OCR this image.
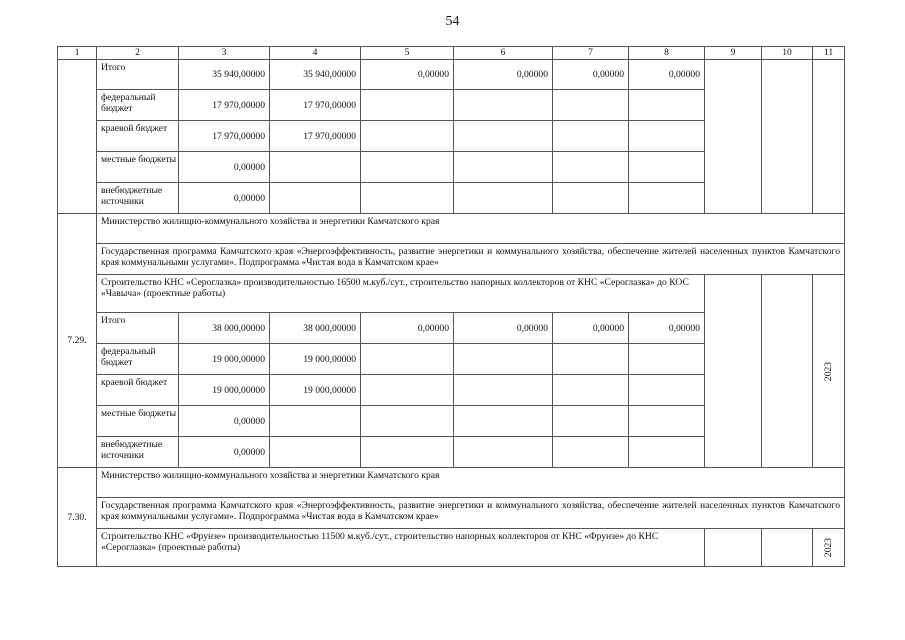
54
1	2	3	4	5	6	7	8	9	10	11
	Итого	35 940,00000	35 940,00000	0,00000	0,00000	0,00000	0,00000			
	федеральный бюджет	17 970,00000	17 970,00000							
	краевой бюджет	17 970,00000	17 970,00000							
	местные бюджеты	0,00000								
	внебюджетные источники	0,00000								
7.29.	Министерство жилищно-коммунального хозяйства и энергетики Камчатского края									
	Государственная программа Камчатского края «Энергоэффективность, развитие энергетики и коммунального хозяйства, обеспечение жителей населенных пунктов Камчатского края коммунальными услугами». Подпрограмма «Чистая вода в Камчатском крае»									
	Строительство КНС «Сероглазка» производительностью 16500 м.куб./сут., строительство напорных коллекторов от КНС «Сероглазка» до КОС «Чавыча» (проектные работы)									2023
	Итого	38 000,00000	38 000,00000	0,00000	0,00000	0,00000	0,00000			
	федеральный бюджет	19 000,00000	19 000,00000							
	краевой бюджет	19 000,00000	19 000,00000							
	местные бюджеты	0,00000								
	внебюджетные источники	0,00000								
7.30.	Министерство жилищно-коммунального хозяйства и энергетики Камчатского края									
	Государственная программа Камчатского края «Энергоэффективность, развитие энергетики и коммунального хозяйства, обеспечение жителей населенных пунктов Камчатского края коммунальными услугами». Подпрограмма «Чистая вода в Камчатском крае»									
	Строительство КНС «Фрунзе» производительностью 11500 м.куб./сут., строительство напорных коллекторов от КНС «Фрунзе» до КНС «Сероглазка» (проектные работы)									2023
